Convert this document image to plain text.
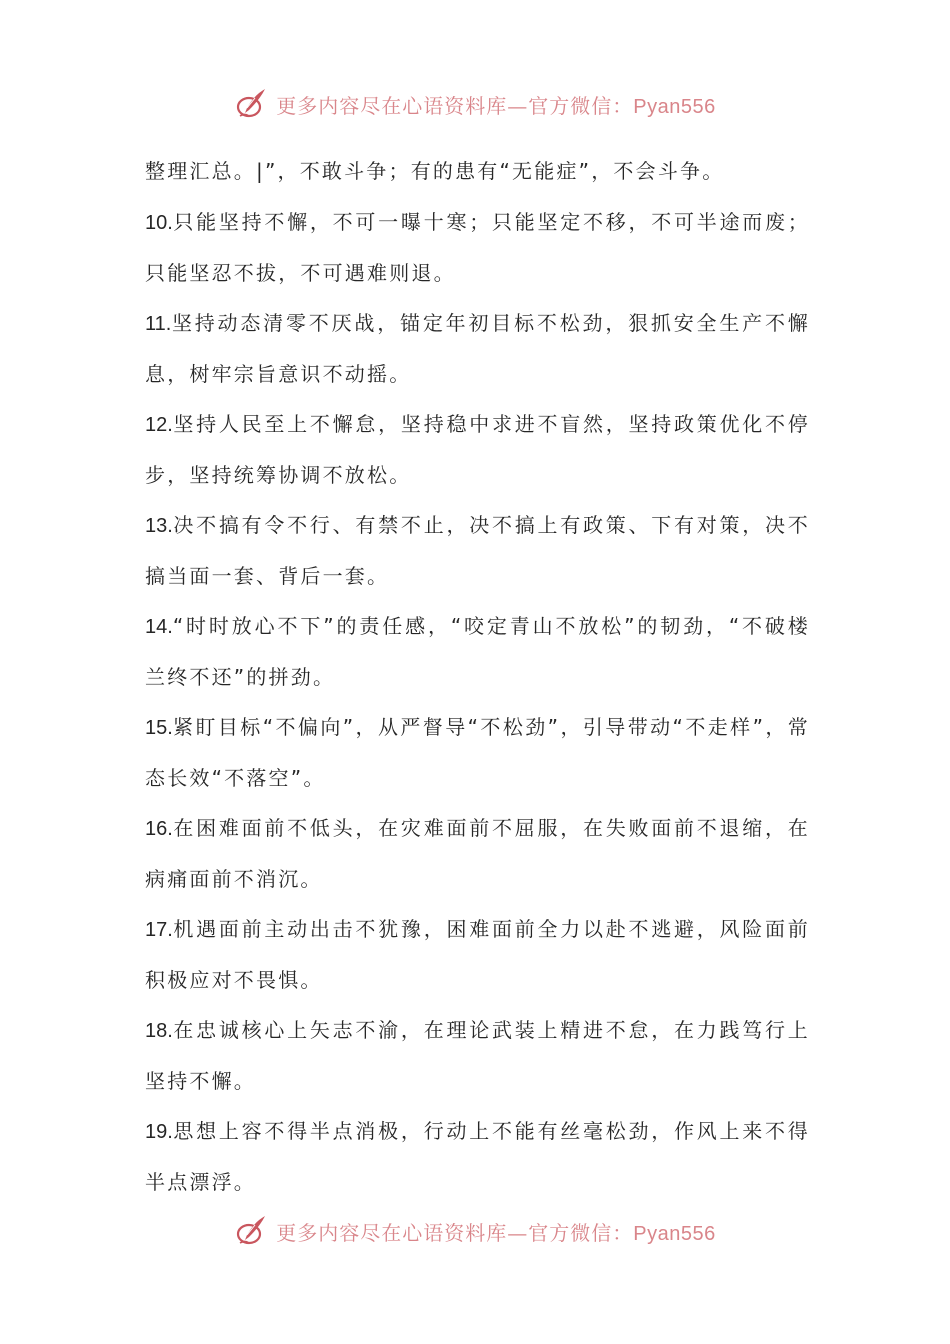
更多内容尽在心语资料库—官方微信：Pyan556

整理汇总。|”，不敢斗争；有的患有“无能症”，不会斗争。

10.只能坚持不懈，不可一曝十寒；只能坚定不移，不可半途而废；只能坚忍不拔，不可遇难则退。

11.坚持动态清零不厌战，锚定年初目标不松劲，狠抓安全生产不懈息，树牢宗旨意识不动摇。

12.坚持人民至上不懈怠，坚持稳中求进不盲然，坚持政策优化不停步，坚持统筹协调不放松。

13.决不搞有令不行、有禁不止，决不搞上有政策、下有对策，决不搞当面一套、背后一套。

14.“时时放心不下”的责任感，“咬定青山不放松”的韧劲，“不破楼兰终不还”的拼劲。

15.紧盯目标“不偏向”，从严督导“不松劲”，引导带动“不走样”，常态长效“不落空”。

16.在困难面前不低头，在灾难面前不屈服，在失败面前不退缩，在病痛面前不消沉。

17.机遇面前主动出击不犹豫，困难面前全力以赴不逃避，风险面前积极应对不畏惧。

18.在忠诚核心上矢志不渝，在理论武装上精进不怠，在力践笃行上坚持不懈。

19.思想上容不得半点消极，行动上不能有丝毫松劲，作风上来不得半点漂浮。

更多内容尽在心语资料库—官方微信：Pyan556
